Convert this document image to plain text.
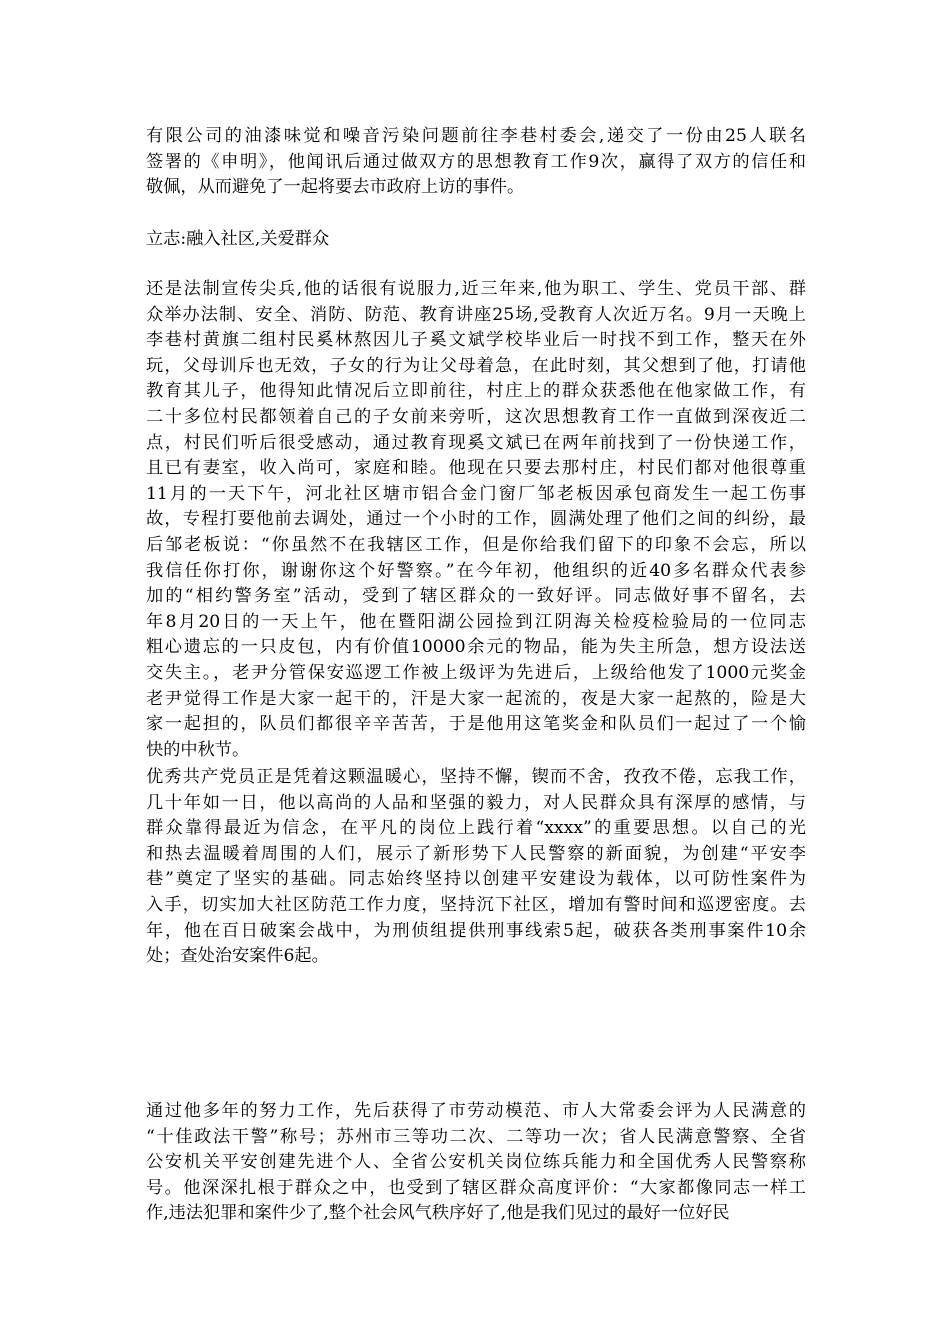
有限公司的油漆味觉和噪音污染问题前往李巷村委会,递交了一份由25人联名
签署的《申明》，他闻讯后通过做双方的思想教育工作9次，赢得了双方的信任和
敬佩，从而避免了一起将要去市政府上访的事件。
立志:融入社区,关爱群众
还是法制宣传尖兵,他的话很有说服力,近三年来,他为职工、学生、党员干部、群
众举办法制、安全、消防、防范、教育讲座25场,受教育人次近万名。9月一天晚上
李巷村黄旗二组村民奚林熬因儿子奚文斌学校毕业后一时找不到工作，整天在外
玩，父母训斥也无效，子女的行为让父母着急，在此时刻，其父想到了他，打请他
教育其儿子，他得知此情况后立即前往，村庄上的群众获悉他在他家做工作，有
二十多位村民都领着自己的子女前来旁听，这次思想教育工作一直做到深夜近二
点，村民们听后很受感动，通过教育现奚文斌已在两年前找到了一份快递工作，
且已有妻室，收入尚可，家庭和睦。他现在只要去那村庄，村民们都对他很尊重
11月的一天下午，河北社区塘市铝合金门窗厂邹老板因承包商发生一起工伤事
故，专程打要他前去调处，通过一个小时的工作，圆满处理了他们之间的纠纷，最
后邹老板说：“你虽然不在我辖区工作，但是你给我们留下的印象不会忘，所以
我信任你打你，谢谢你这个好警察。”在今年初，他组织的近40多名群众代表参
加的“相约警务室”活动，受到了辖区群众的一致好评。同志做好事不留名，去
年8月20日的一天上午，他在暨阳湖公园捡到江阴海关检疫检验局的一位同志
粗心遗忘的一只皮包，内有价值10000余元的物品，能为失主所急，想方设法送
交失主。，老尹分管保安巡逻工作被上级评为先进后，上级给他发了1000元奖金
老尹觉得工作是大家一起干的，汗是大家一起流的，夜是大家一起熬的，险是大
家一起担的，队员们都很辛辛苦苦，于是他用这笔奖金和队员们一起过了一个愉
快的中秋节。
优秀共产党员正是凭着这颗温暖心，坚持不懈，锲而不舍，孜孜不倦，忘我工作，
几十年如一日，他以高尚的人品和坚强的毅力，对人民群众具有深厚的感情，与
群众靠得最近为信念，在平凡的岗位上践行着“xxxx”的重要思想。以自己的光
和热去温暖着周围的人们，展示了新形势下人民警察的新面貌，为创建“平安李
巷”奠定了坚实的基础。同志始终坚持以创建平安建设为载体，以可防性案件为
入手，切实加大社区防范工作力度，坚持沉下社区，增加有警时间和巡逻密度。去
年，他在百日破案会战中，为刑侦组提供刑事线索5起，破获各类刑事案件10余
处；查处治安案件6起。
通过他多年的努力工作，先后获得了市劳动模范、市人大常委会评为人民满意的
“十佳政法干警”称号；苏州市三等功二次、二等功一次；省人民满意警察、全省
公安机关平安创建先进个人、全省公安机关岗位练兵能力和全国优秀人民警察称
号。他深深扎根于群众之中，也受到了辖区群众高度评价：“大家都像同志一样工
作,违法犯罪和案件少了,整个社会风气秩序好了,他是我们见过的最好一位好民
